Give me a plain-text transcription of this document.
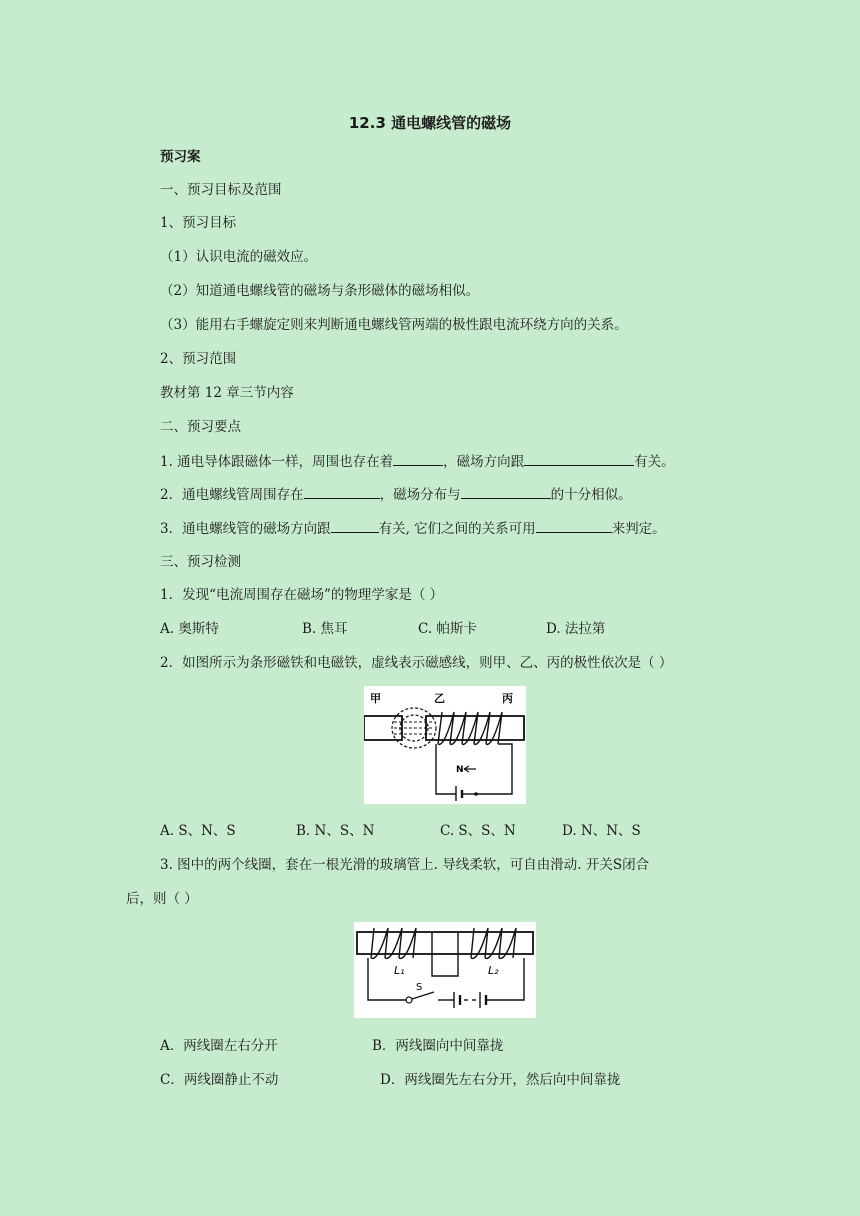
12.3 通电螺线管的磁场
预习案
一、预习目标及范围
1、预习目标
（1）认识电流的磁效应。
（2）知道通电螺线管的磁场与条形磁体的磁场相似。
（3）能用右手螺旋定则来判断通电螺线管两端的极性跟电流环绕方向的关系。
2、预习范围
教材第 12 章三节内容
二、预习要点
1. 通电导体跟磁体一样，周围也存在着	，磁场方向跟	有关。
2．通电螺线管周围存在	，磁场分布与	的十分相似。
3．通电螺线管的磁场方向跟	有关, 它们之间的关系可用	来判定。
三、预习检测
1．发现“电流周围存在磁场”的物理学家是（ ）
A. 奥斯特	B. 焦耳	C. 帕斯卡	D. 法拉第
2．如图所示为条形磁铁和电磁铁，虚线表示磁感线，则甲、乙、丙的极性依次是（ ）
甲	乙	丙
N
A. S、N、S	B. N、S、N	C. S、S、N	D. N、N、S
3. 图中的两个线圈，套在一根光滑的玻璃管上. 导线柔软，可自由滑动. 开关S闭合
后，则（ ）
L₁	L₂
S
A．两线圈左右分开	B．两线圈向中间靠拢
C．两线圈静止不动	D．两线圈先左右分开，然后向中间靠拢
